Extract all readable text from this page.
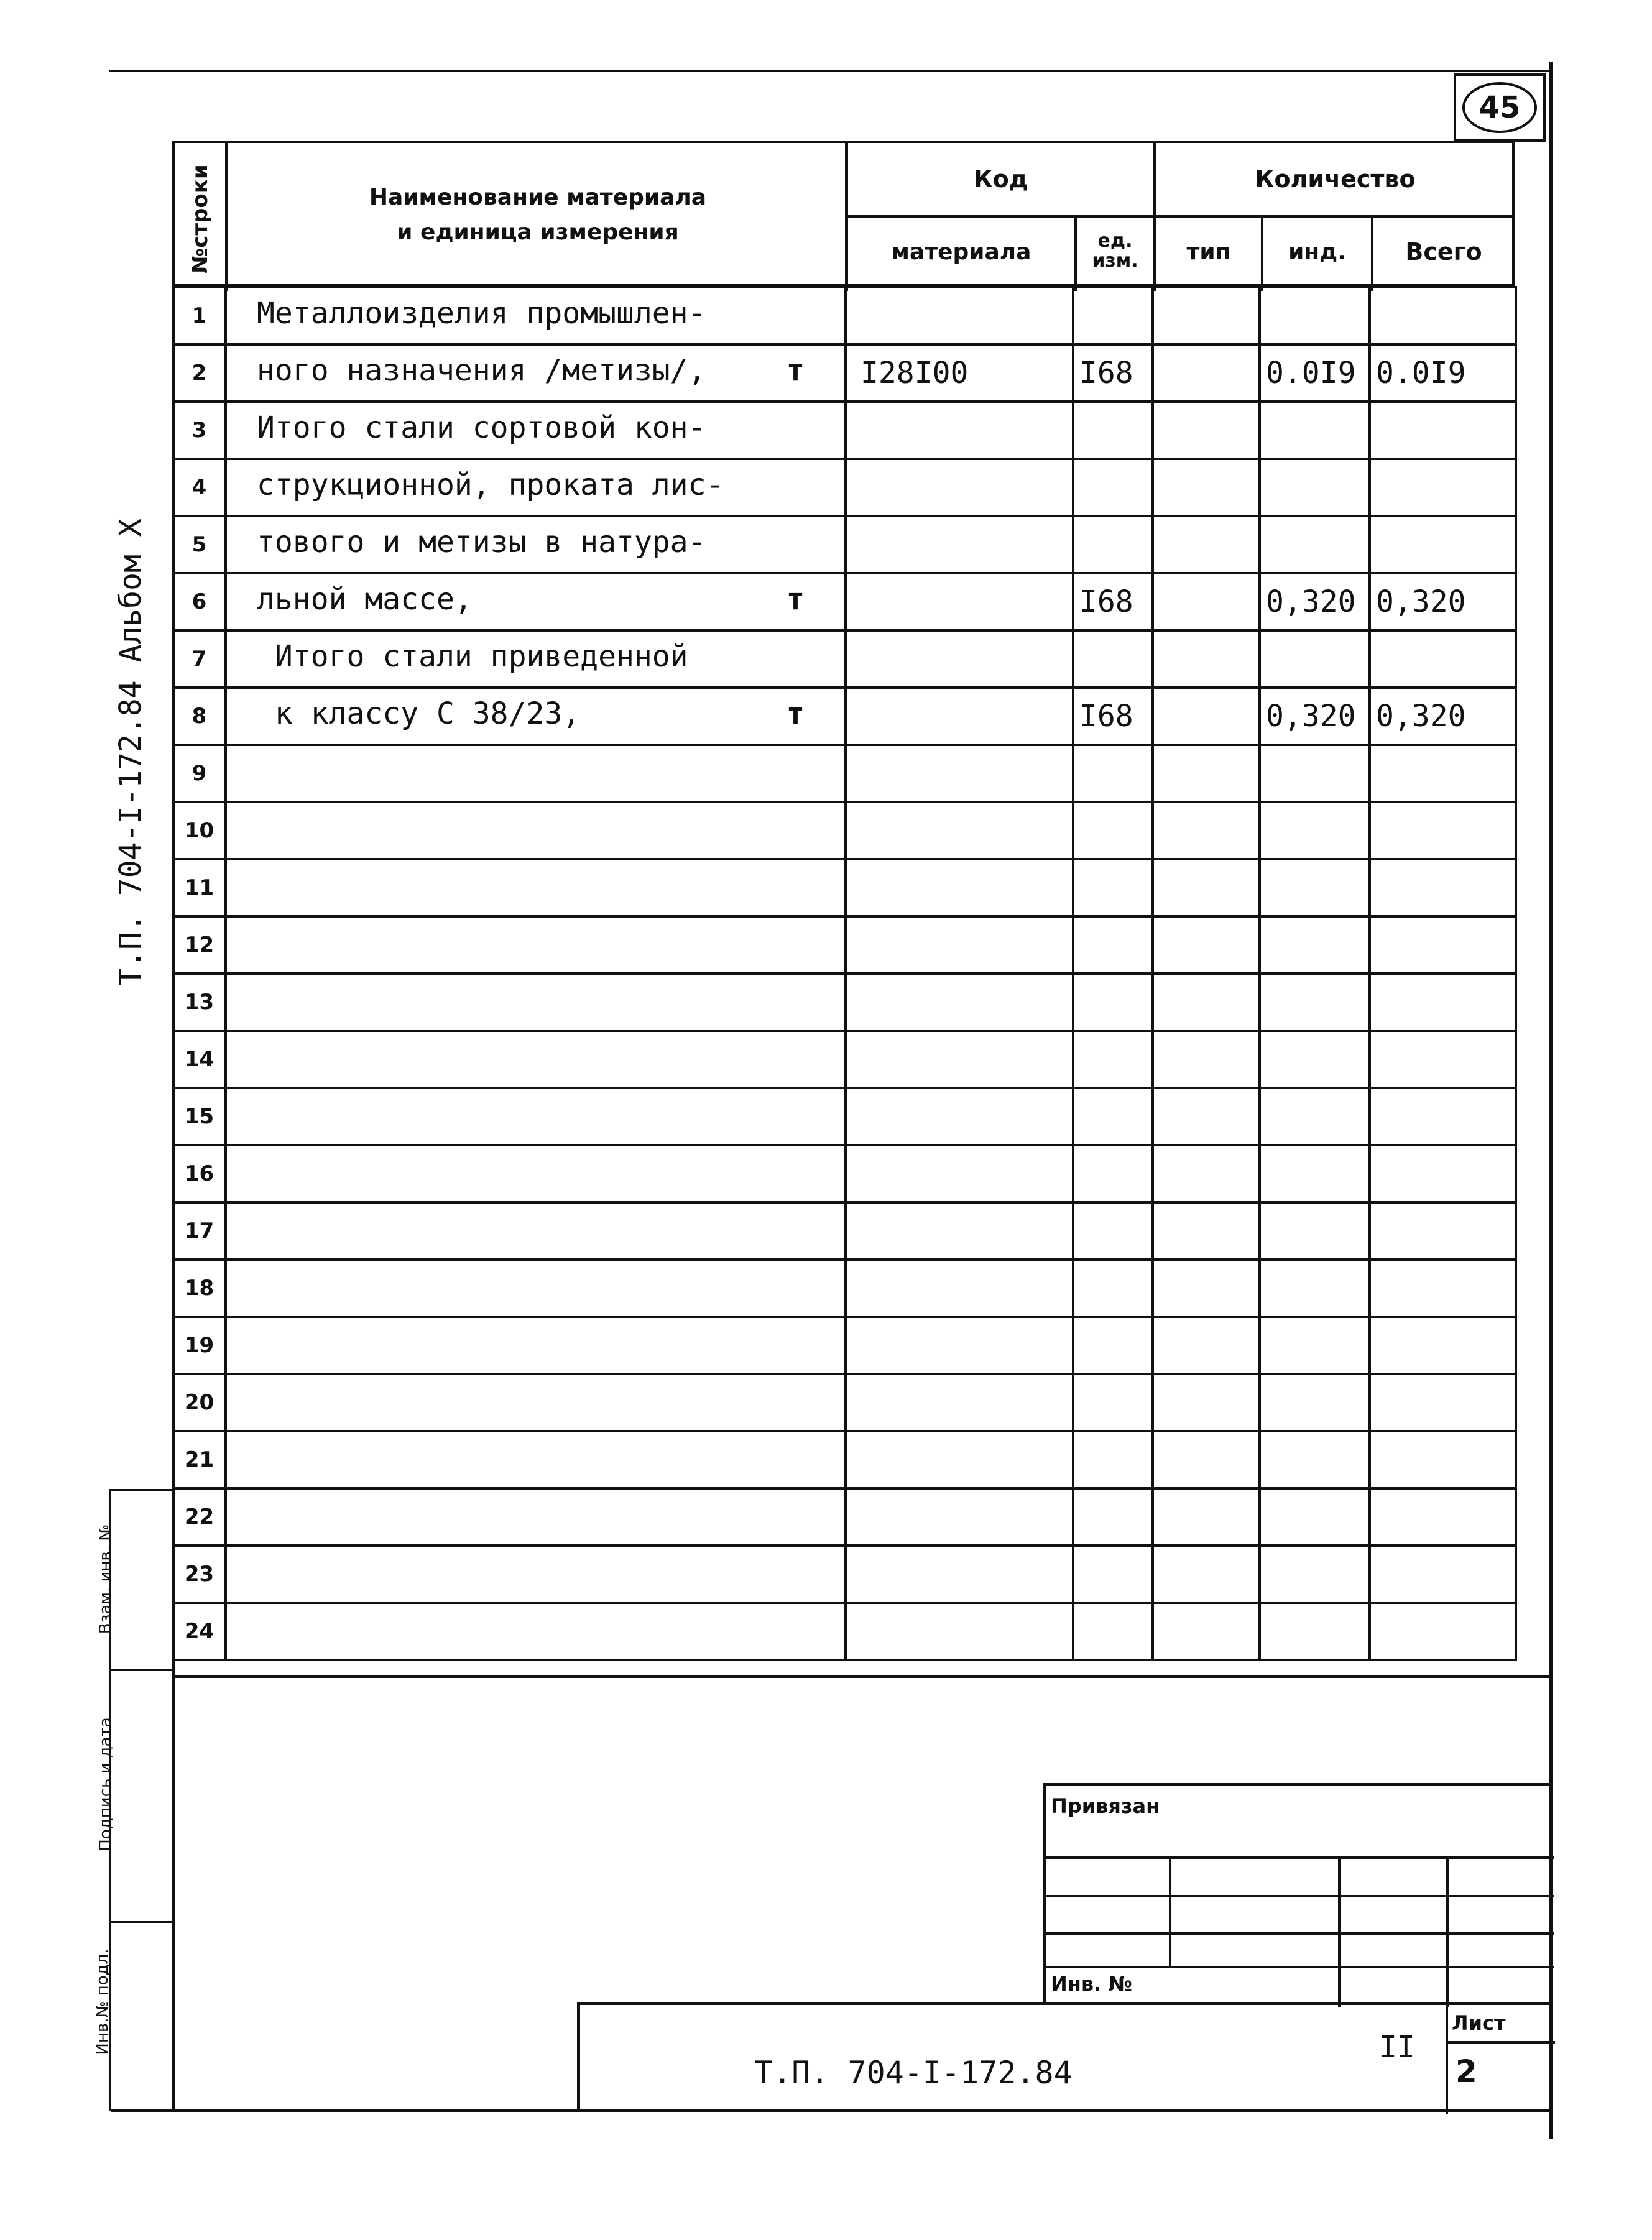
45
Т.П. 704-I-172.84 Альбом X
Инв.№ подл.
Подпись и дата
Взам. инв. №
№строки	Наименование материала
и единица измерения
Код
материала	ед. изм.
Количество
тип	инд.	Всего
1	Металлоизделия промышлен-					

2	ного назначения /метизы/, т	I28I00	I68		0.0I9	0.0I9

3	Итого стали сортовой кон-					

4	струкционной, проката лис-					

5	тового и метизы в натура-					

6	льной массе, т		I68		0,320	0,320

7	Итого стали приведенной					

8	к классу С 38/23, т		I68		0,320	0,320

9						

10						

11						

12						

13						

14						

15						

16						

17						

18						

19						

20						

21						

22						

23						

24						

Привязан
Инв. №
Т.П. 704-I-172.84
II
Лист
2
